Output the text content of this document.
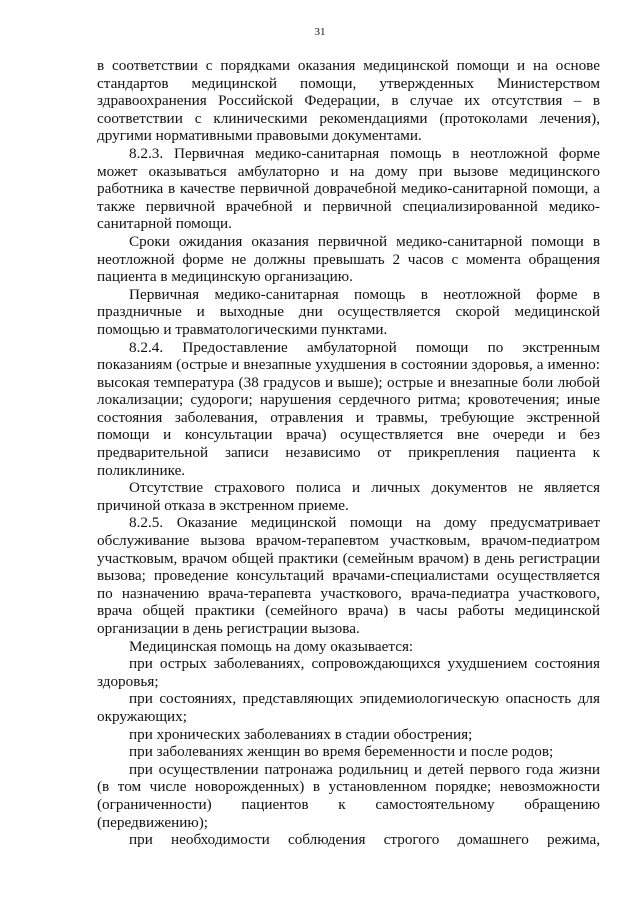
31

в соответствии с порядками оказания медицинской помощи и на основе стандартов медицинской помощи, утвержденных Министерством здравоохранения Российской Федерации, в случае их отсутствия – в соответствии с клиническими рекомендациями (протоколами лечения), другими нормативными правовыми документами.

8.2.3. Первичная медико-санитарная помощь в неотложной форме может оказываться амбулаторно и на дому при вызове медицинского работника в качестве первичной доврачебной медико-санитарной помощи, а также первичной врачебной и первичной специализированной медико-санитарной помощи.

Сроки ожидания оказания первичной медико-санитарной помощи в неотложной форме не должны превышать 2 часов с момента обращения пациента в медицинскую организацию.

Первичная медико-санитарная помощь в неотложной форме в праздничные и выходные дни осуществляется скорой медицинской помощью и травматологическими пунктами.

8.2.4. Предоставление амбулаторной помощи по экстренным показаниям (острые и внезапные ухудшения в состоянии здоровья, а именно: высокая температура (38 градусов и выше); острые и внезапные боли любой локализации; судороги; нарушения сердечного ритма; кровотечения; иные состояния заболевания, отравления и травмы, требующие экстренной помощи и консультации врача) осуществляется вне очереди и без предварительной записи независимо от прикрепления пациента к поликлинике.

Отсутствие страхового полиса и личных документов не является причиной отказа в экстренном приеме.

8.2.5. Оказание медицинской помощи на дому предусматривает обслуживание вызова врачом-терапевтом участковым, врачом-педиатром участковым, врачом общей практики (семейным врачом) в день регистрации вызова; проведение консультаций врачами-специалистами осуществляется по назначению врача-терапевта участкового, врача-педиатра участкового, врача общей практики (семейного врача) в часы работы медицинской организации в день регистрации вызова.

Медицинская помощь на дому оказывается:

при острых заболеваниях, сопровождающихся ухудшением состояния здоровья;

при состояниях, представляющих эпидемиологическую опасность для окружающих;

при хронических заболеваниях в стадии обострения;

при заболеваниях женщин во время беременности и после родов;

при осуществлении патронажа родильниц и детей первого года жизни (в том числе новорожденных) в установленном порядке; невозможности (ограниченности) пациентов к самостоятельному обращению (передвижению);

при необходимости соблюдения строгого домашнего режима,
